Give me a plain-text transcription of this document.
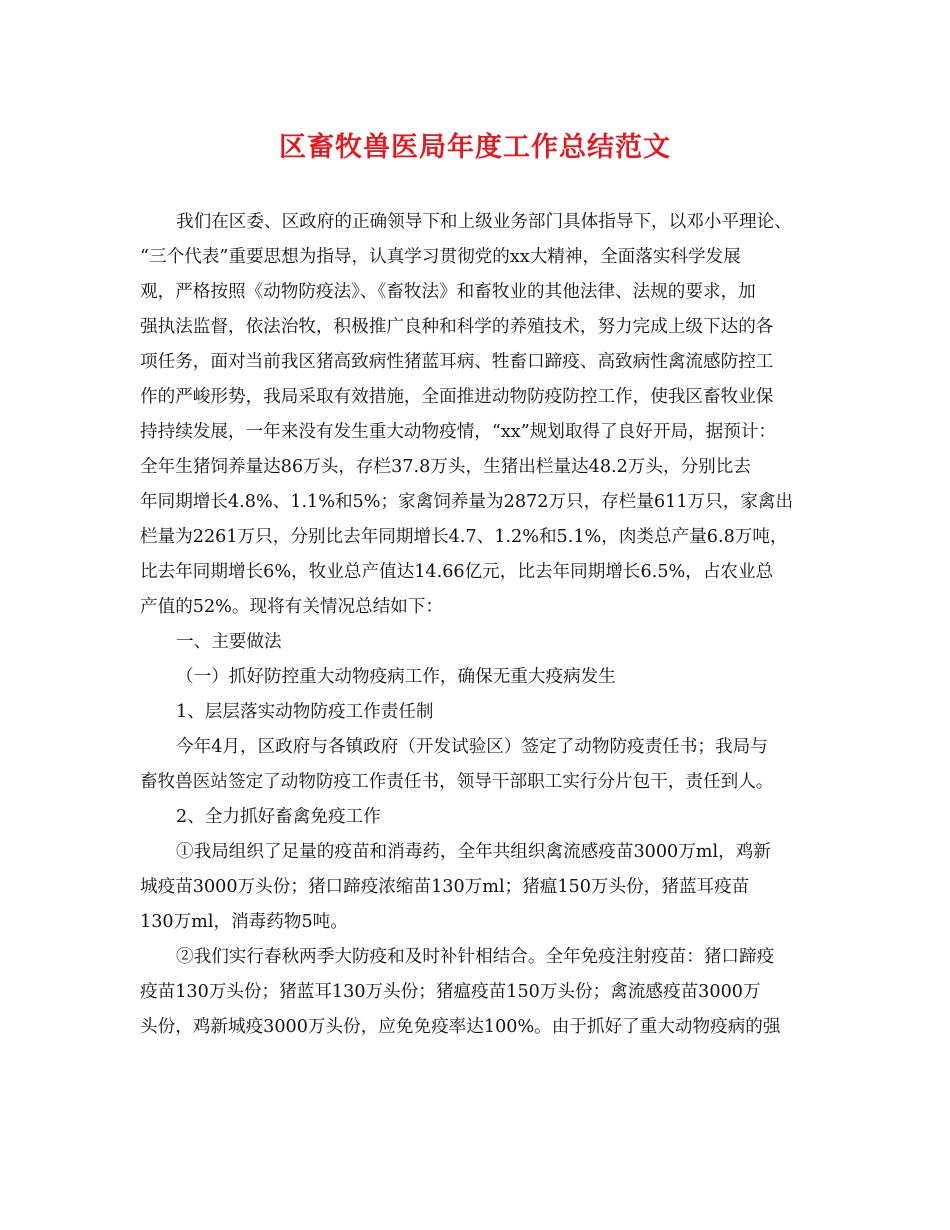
区畜牧兽医局年度工作总结范文

我们在区委、区政府的正确领导下和上级业务部门具体指导下，以邓小平理论、

“三个代表”重要思想为指导，认真学习贯彻党的xx大精神，全面落实科学发展

观，严格按照《动物防疫法》、《畜牧法》和畜牧业的其他法律、法规的要求，加

强执法监督，依法治牧，积极推广良种和科学的养殖技术，努力完成上级下达的各

项任务，面对当前我区猪高致病性猪蓝耳病、牲畜口蹄疫、高致病性禽流感防控工

作的严峻形势，我局采取有效措施，全面推进动物防疫防控工作，使我区畜牧业保

持持续发展，一年来没有发生重大动物疫情，“xx”规划取得了良好开局，据预计：

全年生猪饲养量达86万头，存栏37.8万头，生猪出栏量达48.2万头，分别比去

年同期增长4.8%、1.1%和5%；家禽饲养量为2872万只，存栏量611万只，家禽出

栏量为2261万只，分别比去年同期增长4.7、1.2%和5.1%，肉类总产量6.8万吨，

比去年同期增长6%，牧业总产值达14.66亿元，比去年同期增长6.5%，占农业总

产值的52%。现将有关情况总结如下：

一、主要做法

（一）抓好防控重大动物疫病工作，确保无重大疫病发生

1、层层落实动物防疫工作责任制

今年4月，区政府与各镇政府（开发试验区）签定了动物防疫责任书；我局与

畜牧兽医站签定了动物防疫工作责任书，领导干部职工实行分片包干，责任到人。

2、全力抓好畜禽免疫工作

①我局组织了足量的疫苗和消毒药，全年共组织禽流感疫苗3000万ml，鸡新

城疫苗3000万头份；猪口蹄疫浓缩苗130万ml；猪瘟150万头份，猪蓝耳疫苗

130万ml，消毒药物5吨。

②我们实行春秋两季大防疫和及时补针相结合。全年免疫注射疫苗：猪口蹄疫

疫苗130万头份；猪蓝耳130万头份；猪瘟疫苗150万头份；禽流感疫苗3000万

头份，鸡新城疫3000万头份，应免免疫率达100%。由于抓好了重大动物疫病的强
